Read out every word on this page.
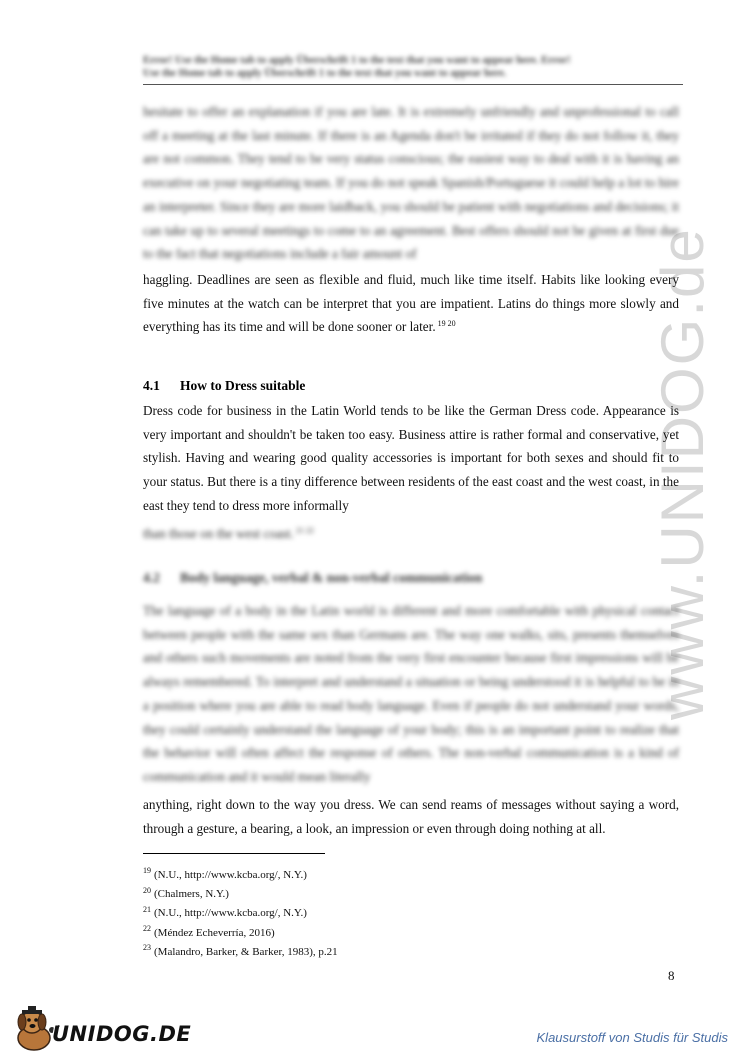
Error! Use the Home tab to apply Überschrift 1 to the text that you want to appear here. Error!
Use the Home tab to apply Überschrift 1 to the text that you want to appear here.
www.UNIDOG.de
hesitate to offer an explanation if you are late. It is extremely unfriendly and unprofessional to call off a meeting at the last minute. If there is an Agenda don't be irritated if they do not follow it, they are not common. They tend to be very status conscious; the easiest way to deal with it is having an executive on your negotiating team. If you do not speak Spanish/Portuguese it could help a lot to hire an interpreter. Since they are more laidback, you should be patient with negotiations and decisions; it can take up to several meetings to come to an agreement. Best offers should not be given at first due to the fact that negotiations include a fair amount of
haggling. Deadlines are seen as flexible and fluid, much like time itself. Habits like looking every five minutes at the watch can be interpret that you are impatient. Latins do things more slowly and everything has its time and will be done sooner or later. $^{19 20}$
4.1 How to Dress suitable
Dress code for business in the Latin World tends to be like the German Dress code. Appearance is very important and shouldn't be taken too easy. Business attire is rather formal and conservative, yet stylish. Having and wearing good quality accessories is important for both sexes and should fit to your status. But there is a tiny difference between residents of the east coast and the west coast, in the east they tend to dress more informally
than those on the west coast. $^{21 22}$
4.2 Body language, verbal & non-verbal communication
The language of a body in the Latin world is different and more comfortable with physical contact between people with the same sex than Germans are. The way one walks, sits, presents themselves and others such movements are noted from the very first encounter because first impressions will be always remembered. To interpret and understand a situation or being understood it is helpful to be in a position where you are able to read body language. Even if people do not understand your words, they could certainly understand the language of your body; this is an important point to realize that the behavior will often affect the response of others. The non-verbal communication is a kind of communication and it would mean literally
anything, right down to the way you dress. We can send reams of messages without saying a word, through a gesture, a bearing, a look, an impression or even through doing nothing at all.
$^{19}$ (N.U., http://www.kcba.org/, N.Y.)
$^{20}$ (Chalmers, N.Y.)
$^{21}$ (N.U., http://www.kcba.org/, N.Y.)
$^{22}$ (Méndez Echeverría, 2016)
$^{23}$ (Malandro, Barker, & Barker, 1983), p.21
8
UNIDOG.DE	Klausurstoff von Studis für Studis
